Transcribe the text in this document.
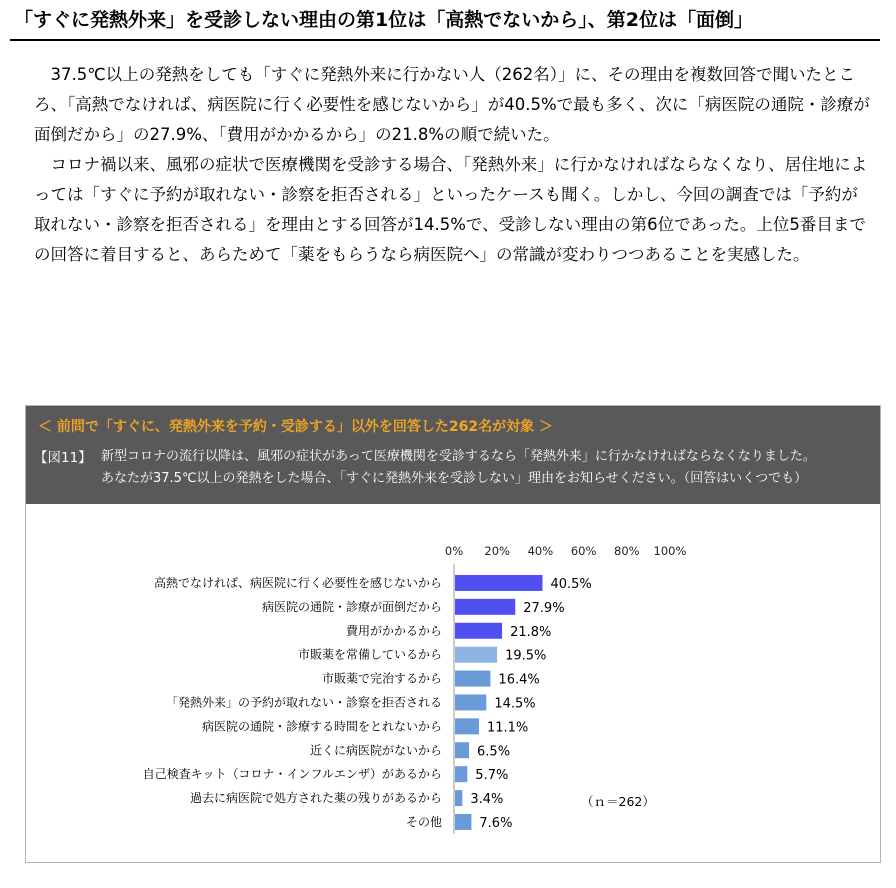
「すぐに発熱外来」を受診しない理由の第1位は「高熱でないから」、第2位は「面倒」

37.5℃以上の発熱をしても「すぐに発熱外来に行かない人（262名）」に、その理由を複数回答で聞いたところ、「高熱でなければ、病医院に行く必要性を感じないから」が40.5%で最も多く、次に「病医院の通院・診療が面倒だから」の27.9%、「費用がかかるから」の21.8%の順で続いた。

コロナ禍以来、風邪の症状で医療機関を受診する場合、「発熱外来」に行かなければならなくなり、居住地によっては「すぐに予約が取れない・診察を拒否される」といったケースも聞く。しかし、今回の調査では「予約が取れない・診察を拒否される」を理由とする回答が14.5%で、受診しない理由の第6位であった。上位5番目までの回答に着目すると、あらためて「薬をもらうなら病医院へ」の常識が変わりつつあることを実感した。

＜ 前問で「すぐに、発熱外来を予約・受診する」以外を回答した262名が対象 ＞
【図11】 新型コロナの流行以降は、風邪の症状があって医療機関を受診するなら「発熱外来」に行かなければならなくなりました。
あなたが37.5℃以上の発熱をした場合、「すぐに発熱外来を受診しない」理由をお知らせください。（回答はいくつでも）
0% 20% 40% 60% 80% 100%
高熱でなければ、病医院に行く必要性を感じないから	40.5%
病医院の通院・診療が面倒だから	27.9%
費用がかかるから	21.8%
市販薬を常備しているから	19.5%
市販薬で完治するから	16.4%
「発熱外来」の予約が取れない・診察を拒否される	14.5%
病医院の通院・診療する時間をとれないから	11.1%
近くに病医院がないから	6.5%
自己検査キット（コロナ・インフルエンザ）があるから	5.7%
過去に病医院で処方された薬の残りがあるから 3.4%
その他	7.6%
（ｎ＝262）
